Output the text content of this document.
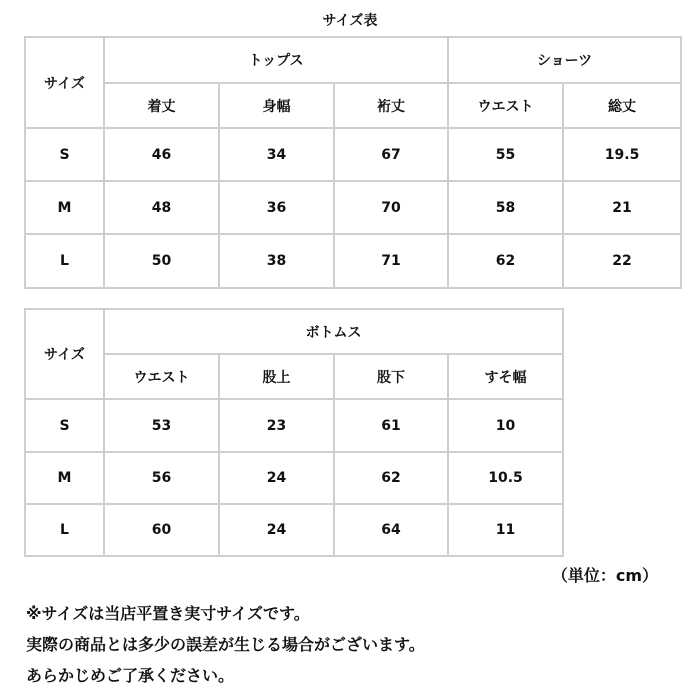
サイズ表
サイズ	トップス			ショーツ	
	着丈	身幅	裄丈	ウエスト	総丈
S	46	34	67	55	19.5
M	48	36	70	58	21
L	50	38	71	62	22
サイズ	ボトムス			
	ウエスト	股上	股下	すそ幅
S	53	23	61	10
M	56	24	62	10.5
L	60	24	64	11
（単位：cm）
※サイズは当店平置き実寸サイズです。
実際の商品とは多少の誤差が生じる場合がございます。
あらかじめご了承ください。
